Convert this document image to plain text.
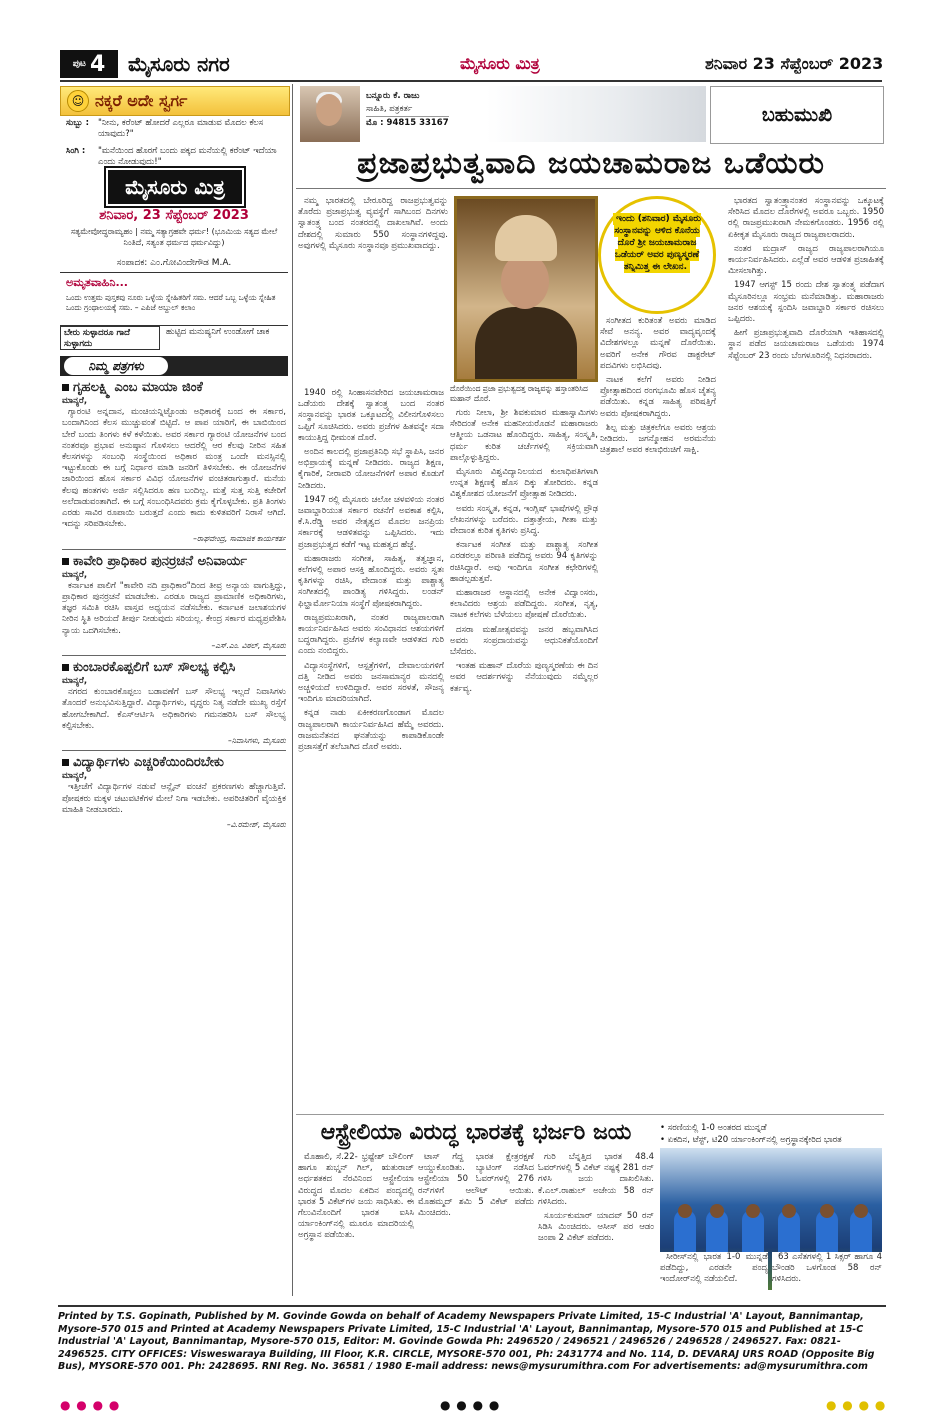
ಪುಟ 4 ಮೈಸೂರು ನಗರ	ಮೈಸೂರು ಮಿತ್ರ	ಶನಿವಾರ 23 ಸೆಪ್ಟೆಂಬರ್ 2023
☺ ನಕ್ಕರೆ ಅದೇ ಸ್ವರ್ಗ
ಸುಬ್ಬು :	"ನೀನು, ಕರೆಂಟ್ ಹೋದರೆ ಎಲ್ಲರೂ ಮಾಡುವ ಮೊದಲ ಕೆಲಸ ಯಾವುದು?"
ಸಿಂಗಿ :	"ಮನೆಯಿಂದ ಹೊರಗೆ ಬಂದು ಪಕ್ಕದ ಮನೆಯಲ್ಲಿ ಕರೆಂಟ್ ಇದೆಯಾ ಎಂದು ನೋಡುವುದು!"
ಮೈಸೂರು ಮಿತ್ರ
ಶನಿವಾರ, 23 ಸೆಪ್ಟೆಂಬರ್ 2023
ಸತ್ಯಮೇವೋದ್ಧರಾಮ್ಯಹಂ | ನಮ್ಮ ಸತ್ಯಾಗ್ರಹವೇ ಧರ್ಮ! (ಭೂಮಿಯ ಸತ್ಯದ ಮೇಲೆ ನಿಂತಿದೆ, ಸತ್ಯಂತ ಧರ್ಮದ ಧರ್ಮವಿದ್ದು)
ಸಂಪಾದಕ: ಎಂ.ಗೋವಿಂದೇಗೌಡ M.A.
ಅಮೃತವಾಹಿನಿ...
ಒಂದು ಉತ್ತಮ ಪುಸ್ತಕವು ನೂರು ಒಳ್ಳೆಯ ಸ್ನೇಹಿತರಿಗೆ ಸಮ. ಆದರೆ ಒಬ್ಬ ಒಳ್ಳೆಯ ಸ್ನೇಹಿತ ಒಂದು ಗ್ರಂಥಾಲಯಕ್ಕೆ ಸಮ. – ಎಪಿಜೆ ಅಬ್ದುಲ್ ಕಲಾಂ
ಬೇರು ಸುಳ್ಳಾದರೂ ಗಾದೆ ಸುಳ್ಳಾಗದು
ಹುಟ್ಟಿದ ಮನುಷ್ಯನಿಗೆ ಉಂಡೋಗೆ ಚಾಕ
ನಿಮ್ಮ ಪತ್ರಗಳು
ಗೃಹಲಕ್ಷ್ಮಿ ಎಂಬ ಮಾಯಾ ಜಿಂಕೆ
ಮಾನ್ಯರೆ,

ಗ್ಯಾರಂಟಿ ಅನ್ನದಾನ, ಮಂಚಿಯನ್ನಿಟ್ಟೊಂಡು ಅಧಿಕಾರಕ್ಕೆ ಬಂದ ಈ ಸರ್ಕಾರ, ಬಂದಾಗಿನಿಂದ ಕೆಲಸ ಮುಚ್ಚುವಂತೆ ಬಿಟ್ಟಿದೆ. ಆ ಪಾಪ ಯಾರಿಗೆ, ಈ ಬಾಬಿಯಿಂದ ಬೇರೆ ಬಂದು ತಿಂಗಳು ಕಳೆ ಕಳೆಯಿತು. ಅವರ ಸರ್ಕಾರ ಗ್ಯಾರಂಟಿ ಯೋಜನೆಗಳ ಬಂದ ನಂತರವೂ ಪ್ರಭಾವ ಅನುಷ್ಠಾನ ಗೊಳಿಸಲು ಆದರೆಲ್ಲಿ ಆರ ಕೆಲವು ನೀರಿನ ಸಹಿತ ಕೆಲಸಗಳನ್ನು ಸಂಬಂಧಿ ಸಂಸ್ಥೆಯಿಂದ ಅಧಿಕಾರ ಮಂತ್ರ ಒಂದೇ ಮನಸ್ಸಿನಲ್ಲಿ ಇಟ್ಟುಕೊಂಡು ಈ ಬಗ್ಗೆ ನಿರ್ಧಾರ ಮಾಡಿ ಜನರಿಗೆ ತಿಳಿಸಬೇಕು. ಈ ಯೋಜನೆಗಳ ಜಾರಿಯಿಂದ ಹೊಸ ಸರ್ಕಾರ ವಿವಿಧ ಯೋಜನೆಗಳ ವಂಚಿತರಾಗುತ್ತಾರೆ. ಮನೆಯ ಕೆಲವು ಹಂತಗಳು ಅರ್ಜಿ ಸಲ್ಲಿಸಿದರೂ ಹಣ ಬಂದಿಲ್ಲ. ಮತ್ತೆ ಸುತ್ತ ಸುತ್ತಿ ಕಚೇರಿಗೆ ಅಲೆದಾಡುವಂತಾಗಿದೆ. ಈ ಬಗ್ಗೆ ಸಂಬಂಧಿಸಿದವರು ಕ್ರಮ ಕೈಗೊಳ್ಳಬೇಕು. ಪ್ರತಿ ತಿಂಗಳು ಎರಡು ಸಾವಿರ ರೂಪಾಯಿ ಬರುತ್ತದೆ ಎಂದು ಕಾದು ಕುಳಿತವರಿಗೆ ನಿರಾಸೆ ಆಗಿದೆ. ಇದನ್ನು ಸರಿಪಡಿಸಬೇಕು.

–ರಾಘವೇಂದ್ರ, ಸಾಮಾಜಿಕ ಕಾರ್ಯಕರ್ತ
ಕಾವೇರಿ ಪ್ರಾಧಿಕಾರ ಪುನರ್ರಚನೆ ಅನಿವಾರ್ಯ
ಮಾನ್ಯರೆ,

ಕರ್ನಾಟಕ ಪಾಲಿಗೆ "ಕಾವೇರಿ ನದಿ ಪ್ರಾಧಿಕಾರ"ದಿಂದ ತೀವ್ರ ಅನ್ಯಾಯ ವಾಗುತ್ತಿದ್ದು, ಪ್ರಾಧಿಕಾರ ಪುನರ್ರಚನೆ ಮಾಡಬೇಕು. ಎರಡೂ ರಾಜ್ಯದ ಪ್ರಾಮಾಣಿಕ ಅಧಿಕಾರಿಗಳು, ತಜ್ಞರ ಸಮಿತಿ ರಚಿಸಿ ವಾಸ್ತವ ಅಧ್ಯಯನ ನಡೆಸಬೇಕು. ಕರ್ನಾಟಕ ಜಲಾಶಯಗಳ ನೀರಿನ ಸ್ಥಿತಿ ಅರಿಯದೆ ತೀರ್ಪು ನೀಡುವುದು ಸರಿಯಲ್ಲ. ಕೇಂದ್ರ ಸರ್ಕಾರ ಮಧ್ಯಪ್ರವೇಶಿಸಿ ನ್ಯಾಯ ಒದಗಿಸಬೇಕು.

–ಎಸ್.ಎಂ. ವಿಠಲ್, ಮೈಸೂರು
ಕುಂಬಾರಕೊಪ್ಪಲಿಗೆ ಬಸ್ ಸೌಲಭ್ಯ ಕಲ್ಪಿಸಿ
ಮಾನ್ಯರೆ,

ನಗರದ ಕುಂಬಾರಕೊಪ್ಪಲು ಬಡಾವಣೆಗೆ ಬಸ್ ಸೌಲಭ್ಯ ಇಲ್ಲದೆ ನಿವಾಸಿಗಳು ತೊಂದರೆ ಅನುಭವಿಸುತ್ತಿದ್ದಾರೆ. ವಿದ್ಯಾರ್ಥಿಗಳು, ವೃದ್ಧರು ನಿತ್ಯ ನಡೆದೇ ಮುಖ್ಯ ರಸ್ತೆಗೆ ಹೋಗಬೇಕಾಗಿದೆ. ಕೆಎಸ್ಆರ್ಟಿಸಿ ಅಧಿಕಾರಿಗಳು ಗಮನಹರಿಸಿ ಬಸ್ ಸೌಲಭ್ಯ ಕಲ್ಪಿಸಬೇಕು.

–ನಿವಾಸಿಗಳು, ಮೈಸೂರು
ವಿದ್ಯಾರ್ಥಿಗಳು ಎಚ್ಚರಿಕೆಯಿಂದಿರಬೇಕು
ಮಾನ್ಯರೆ,

ಇತ್ತೀಚೆಗೆ ವಿದ್ಯಾರ್ಥಿಗಳ ನಡುವೆ ಆನ್ಲೈನ್ ವಂಚನೆ ಪ್ರಕರಣಗಳು ಹೆಚ್ಚಾಗುತ್ತಿವೆ. ಪೋಷಕರು ಮಕ್ಕಳ ಚಟುವಟಿಕೆಗಳ ಮೇಲೆ ನಿಗಾ ಇಡಬೇಕು. ಅಪರಿಚಿತರಿಗೆ ವೈಯಕ್ತಿಕ ಮಾಹಿತಿ ನೀಡಬಾರದು.

–ವಿ.ರಮೇಶ್, ಮೈಸೂರು
ಬನ್ನೂರು ಕೆ. ರಾಜು
ಸಾಹಿತಿ, ಪತ್ರಕರ್ತ
ಮೊ : 94815 33167	ಬಹುಮುಖಿ
ಪ್ರಜಾಪ್ರಭುತ್ವವಾದಿ ಜಯಚಾಮರಾಜ ಒಡೆಯರು

ನಮ್ಮ ಭಾರತದಲ್ಲಿ ಬೇರೂರಿದ್ದ ರಾಜಪ್ರಭುತ್ವವನ್ನು ತೊರೆದು ಪ್ರಜಾಪ್ರಭುತ್ವ ವ್ಯವಸ್ಥೆಗೆ ಸಾಗಿಬಂದ ದಿನಗಳು ಸ್ವಾತಂತ್ರ್ಯ ಬಂದ ನಂತರದಲ್ಲಿ ದಾಖಲಾಗಿವೆ. ಅಂದು ದೇಶದಲ್ಲಿ ಸುಮಾರು 550 ಸಂಸ್ಥಾನಗಳಿದ್ದವು. ಅವುಗಳಲ್ಲಿ ಮೈಸೂರು ಸಂಸ್ಥಾನವೂ ಪ್ರಮುಖವಾದದ್ದು.

1940 ರಲ್ಲಿ ಸಿಂಹಾಸನವೇರಿದ ಜಯಚಾಮರಾಜ ಒಡೆಯರು ದೇಶಕ್ಕೆ ಸ್ವಾತಂತ್ರ್ಯ ಬಂದ ನಂತರ ಸಂಸ್ಥಾನವನ್ನು ಭಾರತ ಒಕ್ಕೂಟದಲ್ಲಿ ವಿಲೀನಗೊಳಿಸಲು ಒಪ್ಪಿಗೆ ಸೂಚಿಸಿದರು. ಅವರು ಪ್ರಜೆಗಳ ಹಿತವನ್ನೇ ಸದಾ ಕಾಯುತ್ತಿದ್ದ ಧೀಮಂತ ದೊರೆ.

ಅಂದಿನ ಕಾಲದಲ್ಲಿ ಪ್ರಜಾಪ್ರತಿನಿಧಿ ಸಭೆ ಸ್ಥಾಪಿಸಿ, ಜನರ ಅಭಿಪ್ರಾಯಕ್ಕೆ ಮನ್ನಣೆ ನೀಡಿದರು. ರಾಜ್ಯದ ಶಿಕ್ಷಣ, ಕೈಗಾರಿಕೆ, ನೀರಾವರಿ ಯೋಜನೆಗಳಿಗೆ ಅಪಾರ ಕೊಡುಗೆ ನೀಡಿದರು.

1947 ರಲ್ಲಿ ಮೈಸೂರು ಚಲೋ ಚಳವಳಿಯ ನಂತರ ಜವಾಬ್ದಾರಿಯುತ ಸರ್ಕಾರ ರಚನೆಗೆ ಅವಕಾಶ ಕಲ್ಪಿಸಿ, ಕೆ.ಸಿ.ರೆಡ್ಡಿ ಅವರ ನೇತೃತ್ವದ ಮೊದಲ ಜನಪ್ರಿಯ ಸರ್ಕಾರಕ್ಕೆ ಆಡಳಿತವನ್ನು ಒಪ್ಪಿಸಿದರು. ಇದು ಪ್ರಜಾಪ್ರಭುತ್ವದ ಕಡೆಗೆ ಇಟ್ಟ ಮಹತ್ವದ ಹೆಜ್ಜೆ.

ಮಹಾರಾಜರು ಸಂಗೀತ, ಸಾಹಿತ್ಯ, ತತ್ವಜ್ಞಾನ, ಕಲೆಗಳಲ್ಲಿ ಅಪಾರ ಆಸಕ್ತಿ ಹೊಂದಿದ್ದರು. ಅವರು ಸ್ವತಃ ಕೃತಿಗಳನ್ನು ರಚಿಸಿ, ವೇದಾಂತ ಮತ್ತು ಪಾಶ್ಚಾತ್ಯ ಸಂಗೀತದಲ್ಲಿ ಪಾಂಡಿತ್ಯ ಗಳಿಸಿದ್ದರು. ಲಂಡನ್ ಫಿಲ್ಹಾರ್ಮೋನಿಯಾ ಸಂಸ್ಥೆಗೆ ಪೋಷಕರಾಗಿದ್ದರು.

ರಾಜ್ಯಪ್ರಮುಖರಾಗಿ, ನಂತರ ರಾಜ್ಯಪಾಲರಾಗಿ ಕಾರ್ಯನಿರ್ವಹಿಸಿದ ಅವರು ಸಂವಿಧಾನದ ಆಶಯಗಳಿಗೆ ಬದ್ಧರಾಗಿದ್ದರು. ಪ್ರಜೆಗಳ ಕಲ್ಯಾಣವೇ ಆಡಳಿತದ ಗುರಿ ಎಂದು ನಂಬಿದ್ದರು.

ವಿದ್ಯಾಸಂಸ್ಥೆಗಳಿಗೆ, ಆಸ್ಪತ್ರೆಗಳಿಗೆ, ದೇವಾಲಯಗಳಿಗೆ ದತ್ತಿ ನೀಡಿದ ಅವರು ಜನಸಾಮಾನ್ಯರ ಮನದಲ್ಲಿ ಅಚ್ಚಳಿಯದೆ ಉಳಿದಿದ್ದಾರೆ. ಅವರ ಸರಳತೆ, ಸೌಜನ್ಯ ಇಂದಿಗೂ ಮಾದರಿಯಾಗಿದೆ.

ಕನ್ನಡ ನಾಡು ಏಕೀಕರಣಗೊಂಡಾಗ ಮೊದಲ ರಾಜ್ಯಪಾಲರಾಗಿ ಕಾರ್ಯನಿರ್ವಹಿಸಿದ ಹೆಮ್ಮೆ ಅವರದು. ರಾಜಮನೆತನದ ಘನತೆಯನ್ನು ಕಾಪಾಡಿಕೊಂಡೇ ಪ್ರಜಾಸತ್ತೆಗೆ ತಲೆಬಾಗಿದ ದೊರೆ ಅವರು.

ದೊರೆಯಿಂದ ಪ್ರಜಾ ಪ್ರಭುತ್ವದತ್ತ ರಾಜ್ಯವನ್ನು ಹಸ್ತಾಂತರಿಸಿದ ಮಹಾನ್ ದೊರೆ.
ಇಂದು (ಶನಿವಾರ) ಮೈಸೂರು ಸಂಸ್ಥಾನವನ್ನು ಆಳಿದ ಕೊನೆಯ ದೊರೆ ಶ್ರೀ ಜಯಚಾಮರಾಜ ಒಡೆಯರ್ ಅವರ ಪುಣ್ಯಸ್ಮರಣೆ ತನ್ನಿಮಿತ್ತ ಈ ಲೇಖನ.

ಗುರು ನೀಲಾ, ಶ್ರೀ ಶಿವಕುಮಾರ ಮಹಾಸ್ವಾಮಿಗಳು ಸೇರಿದಂತೆ ಅನೇಕ ಮಹನೀಯರೊಡನೆ ಮಹಾರಾಜರು ಆತ್ಮೀಯ ಒಡನಾಟ ಹೊಂದಿದ್ದರು. ಸಾಹಿತ್ಯ, ಸಂಸ್ಕೃತಿ, ಧರ್ಮ ಕುರಿತ ಚರ್ಚೆಗಳಲ್ಲಿ ಸಕ್ರಿಯವಾಗಿ ಪಾಲ್ಗೊಳ್ಳುತ್ತಿದ್ದರು.

ಮೈಸೂರು ವಿಶ್ವವಿದ್ಯಾನಿಲಯದ ಕುಲಾಧಿಪತಿಗಳಾಗಿ ಉನ್ನತ ಶಿಕ್ಷಣಕ್ಕೆ ಹೊಸ ದಿಕ್ಕು ತೋರಿದರು. ಕನ್ನಡ ವಿಶ್ವಕೋಶದ ಯೋಜನೆಗೆ ಪ್ರೋತ್ಸಾಹ ನೀಡಿದರು.

ಅವರು ಸಂಸ್ಕೃತ, ಕನ್ನಡ, ಇಂಗ್ಲಿಷ್ ಭಾಷೆಗಳಲ್ಲಿ ಪ್ರೌಢ ಲೇಖನಗಳನ್ನು ಬರೆದರು. ದತ್ತಾತ್ರೇಯ, ಗೀತಾ ಮತ್ತು ವೇದಾಂತ ಕುರಿತ ಕೃತಿಗಳು ಪ್ರಸಿದ್ಧ.

ಕರ್ನಾಟಕ ಸಂಗೀತ ಮತ್ತು ಪಾಶ್ಚಾತ್ಯ ಸಂಗೀತ ಎರಡರಲ್ಲೂ ಪರಿಣತಿ ಪಡೆದಿದ್ದ ಅವರು 94 ಕೃತಿಗಳನ್ನು ರಚಿಸಿದ್ದಾರೆ. ಅವು ಇಂದಿಗೂ ಸಂಗೀತ ಕಛೇರಿಗಳಲ್ಲಿ ಹಾಡಲ್ಪಡುತ್ತವೆ.

ಮಹಾರಾಜರ ಆಸ್ಥಾನದಲ್ಲಿ ಅನೇಕ ವಿದ್ವಾಂಸರು, ಕಲಾವಿದರು ಆಶ್ರಯ ಪಡೆದಿದ್ದರು. ಸಂಗೀತ, ನೃತ್ಯ, ನಾಟಕ ಕಲೆಗಳು ಬೆಳೆಯಲು ಪೋಷಣೆ ದೊರೆಯಿತು.

ದಸರಾ ಮಹೋತ್ಸವವನ್ನು ಜನರ ಹಬ್ಬವಾಗಿಸಿದ ಅವರು ಸಂಪ್ರದಾಯವನ್ನು ಆಧುನಿಕತೆಯೊಂದಿಗೆ ಬೆಸೆದರು.

ಇಂತಹ ಮಹಾನ್ ದೊರೆಯ ಪುಣ್ಯಸ್ಮರಣೆಯ ಈ ದಿನ ಅವರ ಆದರ್ಶಗಳನ್ನು ನೆನೆಯುವುದು ನಮ್ಮೆಲ್ಲರ ಕರ್ತವ್ಯ.

ಸಂಗೀತದ ಕುರಿತಂತೆ ಅವರು ಮಾಡಿದ ಸೇವೆ ಅನನ್ಯ. ಅವರ ವಾದ್ಯವೃಂದಕ್ಕೆ ವಿದೇಶಗಳಲ್ಲೂ ಮನ್ನಣೆ ದೊರೆಯಿತು. ಅವರಿಗೆ ಅನೇಕ ಗೌರವ ಡಾಕ್ಟರೇಟ್ ಪದವಿಗಳು ಲಭಿಸಿದವು.

ನಾಟಕ ಕಲೆಗೆ ಅವರು ನೀಡಿದ ಪ್ರೋತ್ಸಾಹದಿಂದ ರಂಗಭೂಮಿ ಹೊಸ ಚೈತನ್ಯ ಪಡೆಯಿತು. ಕನ್ನಡ ಸಾಹಿತ್ಯ ಪರಿಷತ್ತಿಗೆ ಅವರು ಪೋಷಕರಾಗಿದ್ದರು.

ಶಿಲ್ಪ ಮತ್ತು ಚಿತ್ರಕಲೆಗೂ ಅವರು ಆಶ್ರಯ ನೀಡಿದರು. ಜಗನ್ಮೋಹನ ಅರಮನೆಯ ಚಿತ್ರಶಾಲೆ ಅವರ ಕಲಾಭಿರುಚಿಗೆ ಸಾಕ್ಷಿ.

ಭಾರತದ ಸ್ವಾತಂತ್ರ್ಯಾನಂತರ ಸಂಸ್ಥಾನವನ್ನು ಒಕ್ಕೂಟಕ್ಕೆ ಸೇರಿಸಿದ ಮೊದಲ ದೊರೆಗಳಲ್ಲಿ ಅವರೂ ಒಬ್ಬರು. 1950 ರಲ್ಲಿ ರಾಜಪ್ರಮುಖರಾಗಿ ನೇಮಕಗೊಂಡರು. 1956 ರಲ್ಲಿ ಏಕೀಕೃತ ಮೈಸೂರು ರಾಜ್ಯದ ರಾಜ್ಯಪಾಲರಾದರು.

ನಂತರ ಮದ್ರಾಸ್ ರಾಜ್ಯದ ರಾಜ್ಯಪಾಲರಾಗಿಯೂ ಕಾರ್ಯನಿರ್ವಹಿಸಿದರು. ಎಲ್ಲೆಡೆ ಅವರ ಆಡಳಿತ ಪ್ರಜಾಹಿತಕ್ಕೆ ಮೀಸಲಾಗಿತ್ತು.

1947 ಆಗಸ್ಟ್ 15 ರಂದು ದೇಶ ಸ್ವಾತಂತ್ರ್ಯ ಪಡೆದಾಗ ಮೈಸೂರಿನಲ್ಲೂ ಸಂಭ್ರಮ ಮನೆಮಾಡಿತ್ತು. ಮಹಾರಾಜರು ಜನರ ಆಶಯಕ್ಕೆ ಸ್ಪಂದಿಸಿ ಜವಾಬ್ದಾರಿ ಸರ್ಕಾರ ರಚಿಸಲು ಒಪ್ಪಿದರು.

ಹೀಗೆ ಪ್ರಜಾಪ್ರಭುತ್ವವಾದಿ ದೊರೆಯಾಗಿ ಇತಿಹಾಸದಲ್ಲಿ ಸ್ಥಾನ ಪಡೆದ ಜಯಚಾಮರಾಜ ಒಡೆಯರು 1974 ಸೆಪ್ಟೆಂಬರ್ 23 ರಂದು ಬೆಂಗಳೂರಿನಲ್ಲಿ ನಿಧನರಾದರು.

ಆಸ್ಟ್ರೇಲಿಯಾ ವಿರುದ್ಧ ಭಾರತಕ್ಕೆ ಭರ್ಜರಿ ಜಯ	• ಸರಣಿಯಲ್ಲಿ 1-0 ಅಂತರದ ಮುನ್ನಡೆ
• ಏಕದಿನ, ಟೆಸ್ಟ್, ಟಿ20 ರ್ಯಾಂಕಿಂಗ್‌ನಲ್ಲಿ ಅಗ್ರಸ್ಥಾನಕ್ಕೇರಿದ ಭಾರತ

ಮೊಹಾಲಿ, ಸೆ.22- ಭ್ರಷ್ಟೇಶ್ ಬೌಲಿಂಗ್ ಹಾಗೂ ಶುಭ್ಮನ್ ಗಿಲ್, ಋತುರಾಜ್ ಅರ್ಧಶತಕದ ನೆರವಿನಿಂದ ಆಸ್ಟ್ರೇಲಿಯಾ ವಿರುದ್ಧದ ಮೊದಲ ಏಕದಿನ ಪಂದ್ಯದಲ್ಲಿ ಭಾರತ 5 ವಿಕೆಟ್‌ಗಳ ಜಯ ಸಾಧಿಸಿತು. ಈ ಗೆಲುವಿನೊಂದಿಗೆ ಭಾರತ ಐಸಿಸಿ ರ್ಯಾಂಕಿಂಗ್‌ನಲ್ಲಿ ಮೂರೂ ಮಾದರಿಯಲ್ಲಿ ಅಗ್ರಸ್ಥಾನ ಪಡೆಯಿತು.

ಟಾಸ್ ಗೆದ್ದ ಭಾರತ ಕ್ಷೇತ್ರರಕ್ಷಣೆ ಆಯ್ದುಕೊಂಡಿತು. ಬ್ಯಾಟಿಂಗ್ ನಡೆಸಿದ ಆಸ್ಟ್ರೇಲಿಯಾ 50 ಓವರ್‌ಗಳಲ್ಲಿ 276 ರನ್‌ಗಳಿಗೆ ಆಲೌಟ್ ಆಯಿತು. ಮೊಹಮ್ಮದ್ ಶಮಿ 5 ವಿಕೆಟ್ ಪಡೆದು ಮಿಂಚಿದರು.

ಗುರಿ ಬೆನ್ನತ್ತಿದ ಭಾರತ 48.4 ಓವರ್‌ಗಳಲ್ಲಿ 5 ವಿಕೆಟ್ ನಷ್ಟಕ್ಕೆ 281 ರನ್ ಗಳಿಸಿ ಜಯ ದಾಖಲಿಸಿತು. ಕೆ.ಎಲ್.ರಾಹುಲ್ ಅಜೇಯ 58 ರನ್ ಗಳಿಸಿದರು.

ಸೂರ್ಯಕುಮಾರ್ ಯಾದವ್ 50 ರನ್ ಸಿಡಿಸಿ ಮಿಂಚಿದರು. ಆಸೀಸ್ ಪರ ಆಡಂ ಜಂಪಾ 2 ವಿಕೆಟ್ ಪಡೆದರು.

ಸೀರೀಸ್‌ನಲ್ಲಿ ಭಾರತ 1-0 ಮುನ್ನಡೆ ಪಡೆದಿದ್ದು, ಎರಡನೇ ಪಂದ್ಯ ಇಂದೋರ್‌ನಲ್ಲಿ ನಡೆಯಲಿದೆ.

63 ಎಸೆತಗಳಲ್ಲಿ 1 ಸಿಕ್ಸರ್ ಹಾಗೂ 4 ಬೌಂಡರಿ ಒಳಗೊಂಡ 58 ರನ್ ಗಳಿಸಿದರು.

Printed by T.S. Gopinath, Published by M. Govinde Gowda on behalf of Academy Newspapers Private Limited, 15-C Industrial 'A' Layout, Bannimantap, Mysore-570 015 and Printed at Academy Newspapers Private Limited, 15-C Industrial 'A' Layout, Bannimantap, Mysore-570 015 and Published at 15-C Industrial 'A' Layout, Bannimantap, Mysore-570 015, Editor: M. Govinde Gowda Ph: 2496520 / 2496521 / 2496526 / 2496528 / 2496527. Fax: 0821-2496525. CITY OFFICES: Visweswaraya Building, III Floor, K.R. CIRCLE, MYSORE-570 001, Ph: 2431774 and No. 114, D. DEVARAJ URS ROAD (Opposite Big Bus), MYSORE-570 001. Ph: 2428695. RNI Reg. No. 36581 / 1980 E-mail address: news@mysurumithra.com For advertisements: ad@mysurumithra.com
● ● ● ●	● ● ● ●	● ● ● ●
